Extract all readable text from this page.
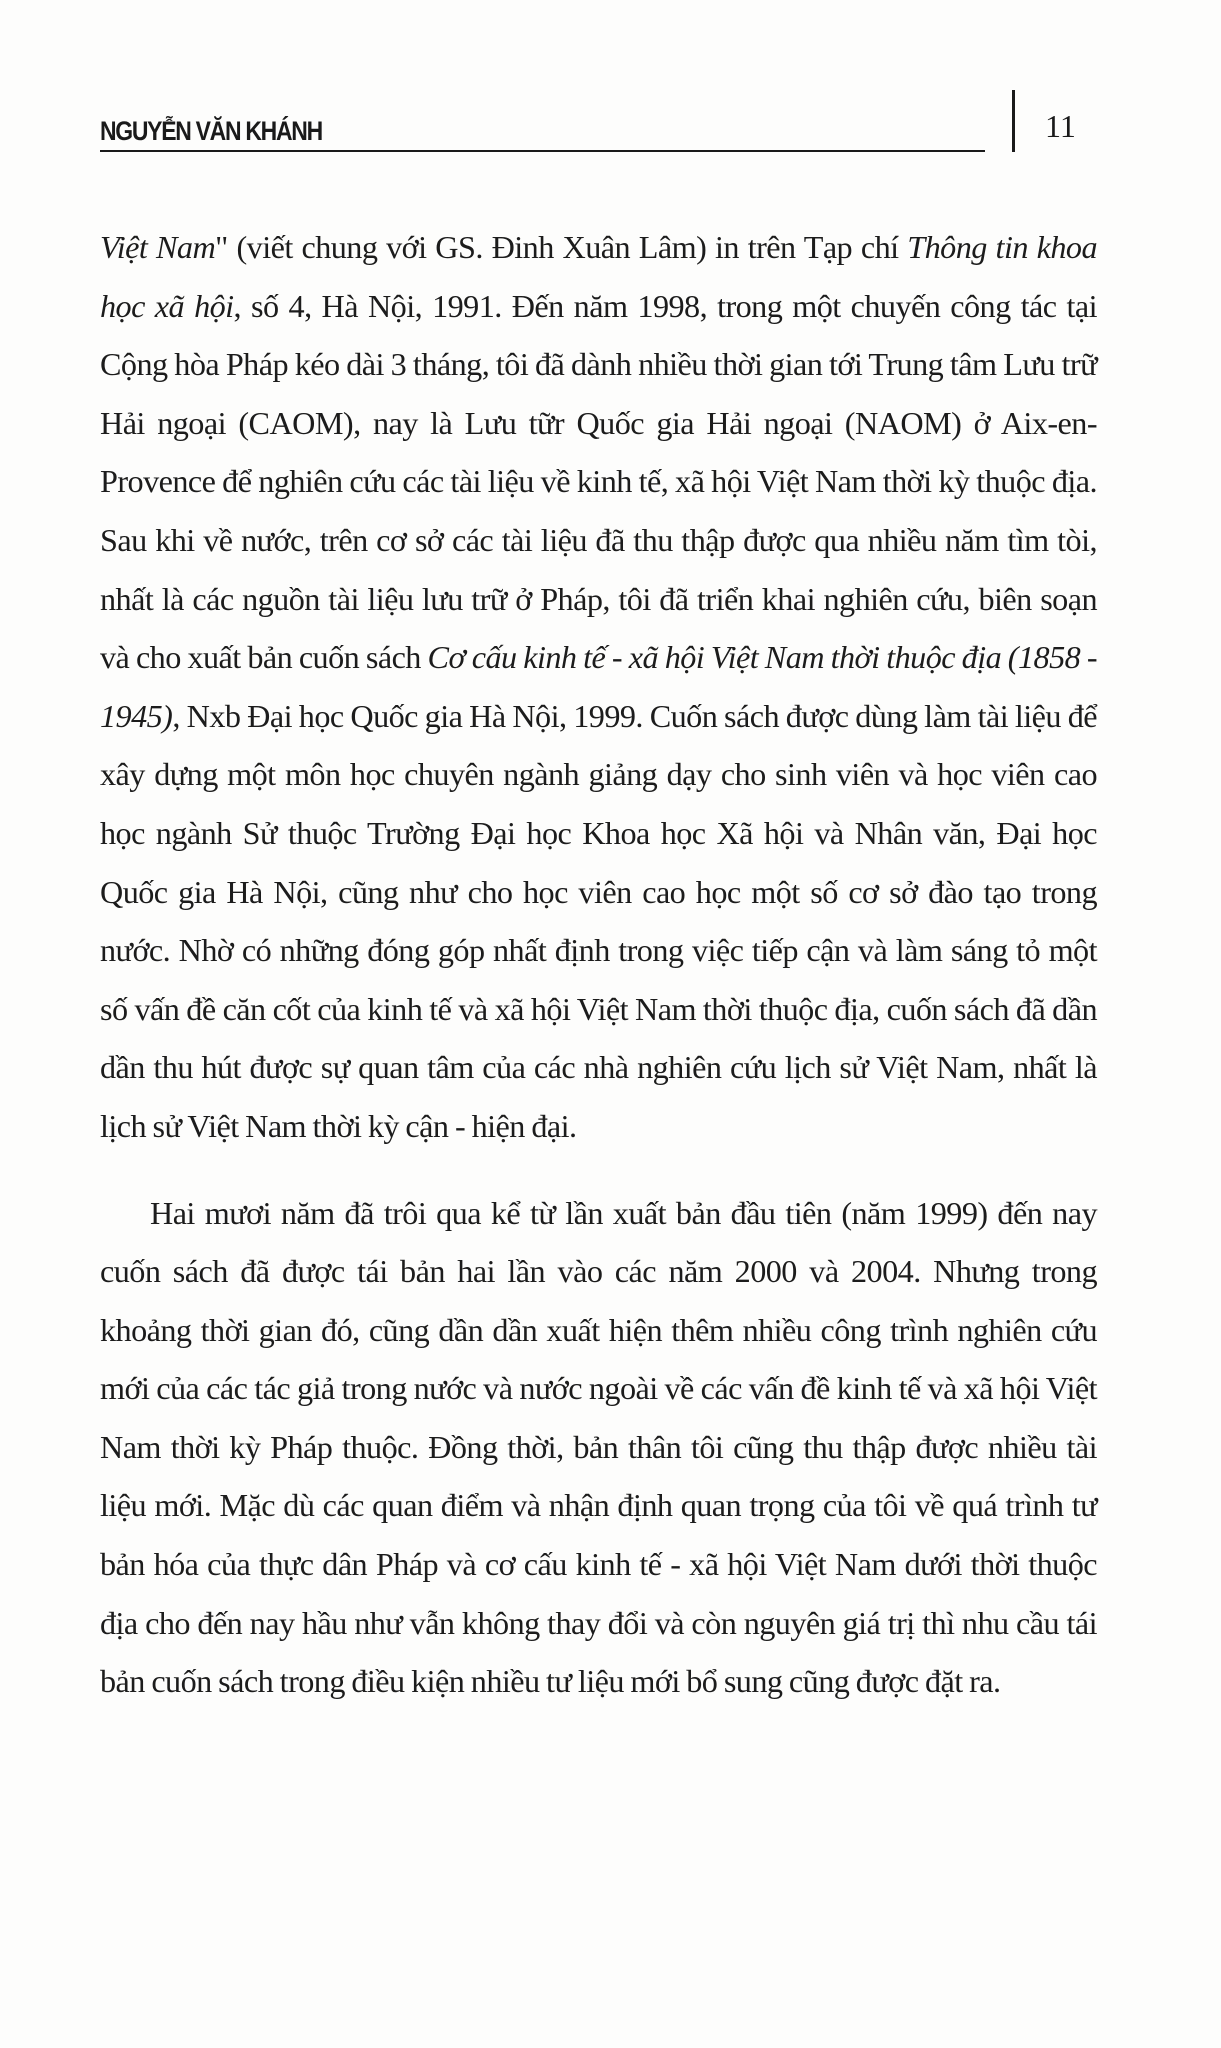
NGUYỄN VĂN KHÁNH	11

Việt Nam" (viết chung với GS. Đinh Xuân Lâm) in trên Tạp chí Thông tin khoa học xã hội, số 4, Hà Nội, 1991. Đến năm 1998, trong một chuyến công tác tại Cộng hòa Pháp kéo dài 3 tháng, tôi đã dành nhiều thời gian tới Trung tâm Lưu trữ Hải ngoại (CAOM), nay là Lưu tữr Quốc gia Hải ngoại (NAOM) ở Aix-en-Provence để nghiên cứu các tài liệu về kinh tế, xã hội Việt Nam thời kỳ thuộc địa. Sau khi về nước, trên cơ sở các tài liệu đã thu thập được qua nhiều năm tìm tòi, nhất là các nguồn tài liệu lưu trữ ở Pháp, tôi đã triển khai nghiên cứu, biên soạn và cho xuất bản cuốn sách Cơ cấu kinh tế - xã hội Việt Nam thời thuộc địa (1858 - 1945), Nxb Đại học Quốc gia Hà Nội, 1999. Cuốn sách được dùng làm tài liệu để xây dựng một môn học chuyên ngành giảng dạy cho sinh viên và học viên cao học ngành Sử thuộc Trường Đại học Khoa học Xã hội và Nhân văn, Đại học Quốc gia Hà Nội, cũng như cho học viên cao học một số cơ sở đào tạo trong nước. Nhờ có những đóng góp nhất định trong việc tiếp cận và làm sáng tỏ một số vấn đề căn cốt của kinh tế và xã hội Việt Nam thời thuộc địa, cuốn sách đã dần dần thu hút được sự quan tâm của các nhà nghiên cứu lịch sử Việt Nam, nhất là lịch sử Việt Nam thời kỳ cận - hiện đại.

Hai mươi năm đã trôi qua kể từ lần xuất bản đầu tiên (năm 1999) đến nay cuốn sách đã được tái bản hai lần vào các năm 2000 và 2004. Nhưng trong khoảng thời gian đó, cũng dần dần xuất hiện thêm nhiều công trình nghiên cứu mới của các tác giả trong nước và nước ngoài về các vấn đề kinh tế và xã hội Việt Nam thời kỳ Pháp thuộc. Đồng thời, bản thân tôi cũng thu thập được nhiều tài liệu mới. Mặc dù các quan điểm và nhận định quan trọng của tôi về quá trình tư bản hóa của thực dân Pháp và cơ cấu kinh tế - xã hội Việt Nam dưới thời thuộc địa cho đến nay hầu như vẫn không thay đổi và còn nguyên giá trị thì nhu cầu tái bản cuốn sách trong điều kiện nhiều tư liệu mới bổ sung cũng được đặt ra.
